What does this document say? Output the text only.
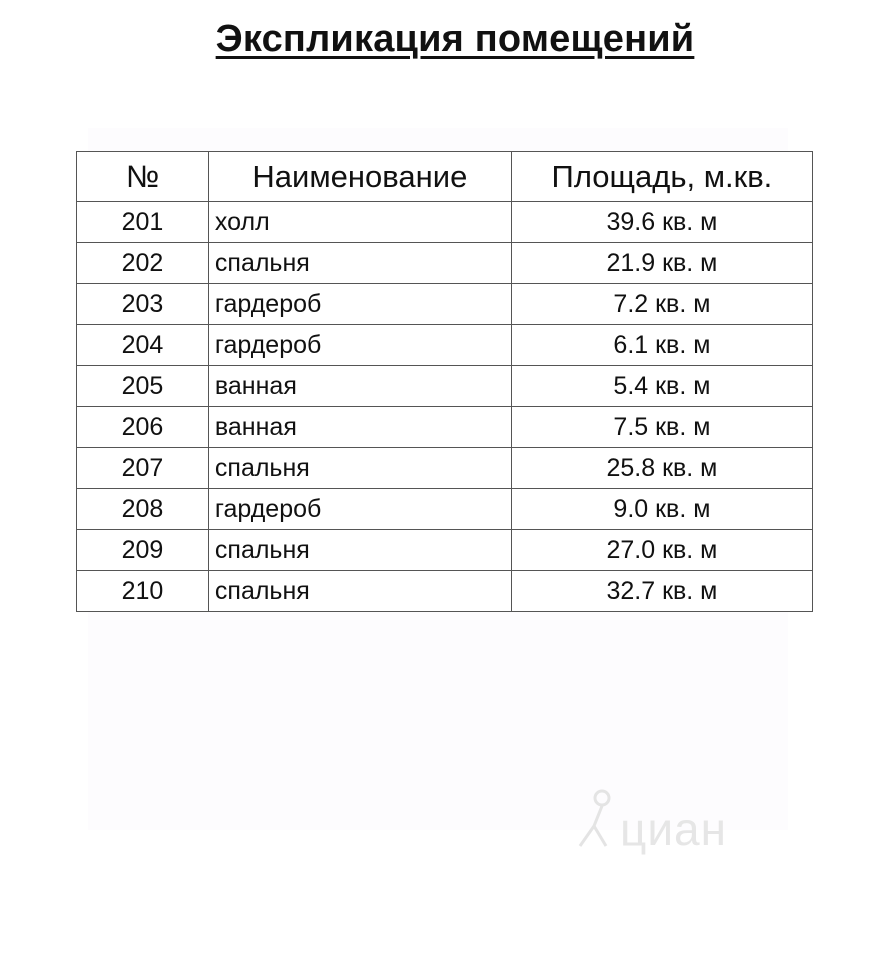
Экспликация помещений
№	Наименование	Площадь, м.кв.
201	холл	39.6 кв. м
202	спальня	21.9 кв. м
203	гардероб	7.2 кв. м
204	гардероб	6.1 кв. м
205	ванная	5.4 кв. м
206	ванная	7.5 кв. м
207	спальня	25.8 кв. м
208	гардероб	9.0 кв. м
209	спальня	27.0 кв. м
210	спальня	32.7 кв. м
циан
